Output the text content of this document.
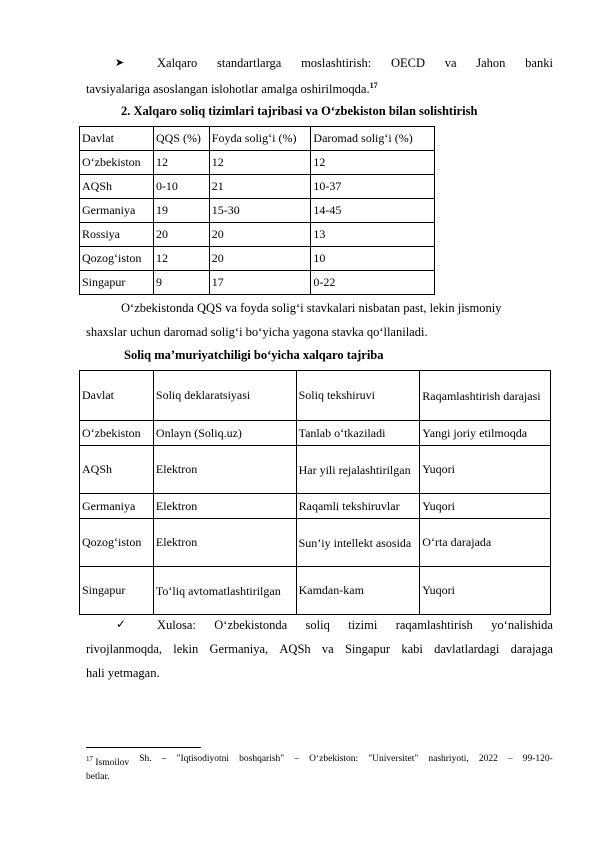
➤	Xalqaro standartlarga moslashtirish: OECD va Jahon banki
tavsiyalariga asoslangan islohotlar amalga oshirilmoqda.$^{17}$
2. Xalqaro soliq tizimlari tajribasi va O‘zbekiston bilan solishtirish
Davlat	QQS (%)	Foyda solig‘i (%)	Daromad solig‘i (%)
O‘zbekiston	12	12	12
AQSh	0-10	21	10-37
Germaniya	19	15-30	14-45
Rossiya	20	20	13
Qozog‘iston	12	20	10
Singapur	9	17	0-22
O‘zbekistonda QQS va foyda solig‘i stavkalari nisbatan past, lekin jismoniy
shaxslar uchun daromad solig‘i bo‘yicha yagona stavka qo‘llaniladi.
Soliq ma’muriyatchiligi bo‘yicha xalqaro tajriba
Davlat	Soliq deklaratsiyasi	Soliq tekshiruvi	Raqamlashtirish darajasi
O‘zbekiston	Onlayn (Soliq.uz)	Tanlab o‘tkaziladi	Yangi joriy etilmoqda
AQSh	Elektron	Har yili rejalashtirilgan	Yuqori
Germaniya	Elektron	Raqamli tekshiruvlar	Yuqori
Qozog‘iston	Elektron	Sun’iy intellekt asosida	O‘rta darajada
Singapur	To‘liq avtomatlashtirilgan	Kamdan-kam	Yuqori
✓ Xulosa: O‘zbekistonda soliq tizimi raqamlashtirish yo‘nalishida
rivojlanmoqda, lekin Germaniya, AQSh va Singapur kabi davlatlardagi darajaga
hali yetmagan.
$^{17}$ Ismoilov Sh. – "Iqtisodiyotni boshqarish" – O‘zbekiston: "Universitet" nashriyoti, 2022 – 99-120-
betlar.
